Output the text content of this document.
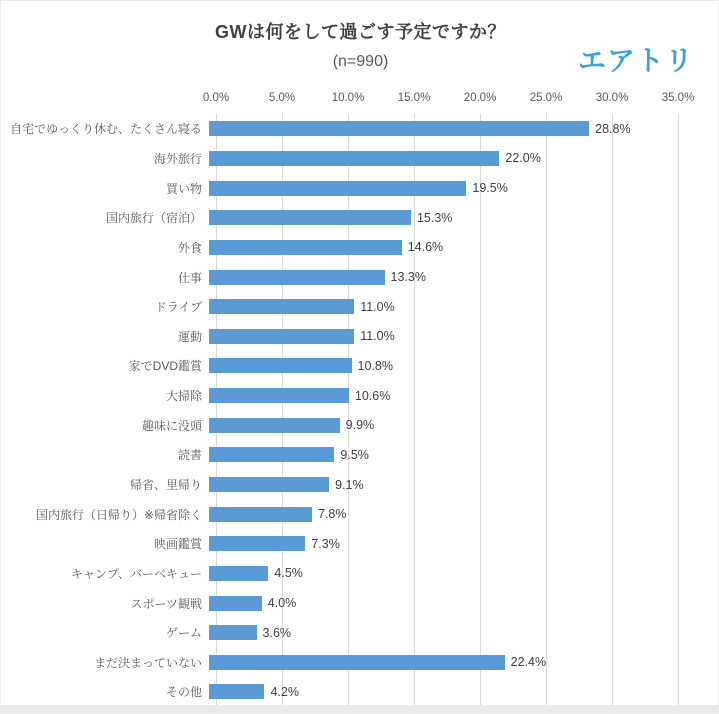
GWは何をして過ごす予定ですか？
(n=990)	エアトリ
0.0%	5.0%	10.0%	15.0%	20.0%	25.0%	30.0%	35.0%
自宅でゆっくり休む、たくさん寝る	28.8%
海外旅行	22.0%
買い物	19.5%
国内旅行（宿泊）	15.3%
外食	14.6%
仕事	13.3%
ドライブ	11.0%
運動	11.0%
家でDVD鑑賞	10.8%
大掃除	10.6%
趣味に没頭	9.9%
読書	9.5%
帰省、里帰り	9.1%
国内旅行（日帰り）※帰省除く	7.8%
映画鑑賞	7.3%
キャンプ、バーベキュー	4.5%
スポーツ観戦	4.0%
ゲーム	3.6%
まだ決まっていない	22.4%
その他	4.2%
